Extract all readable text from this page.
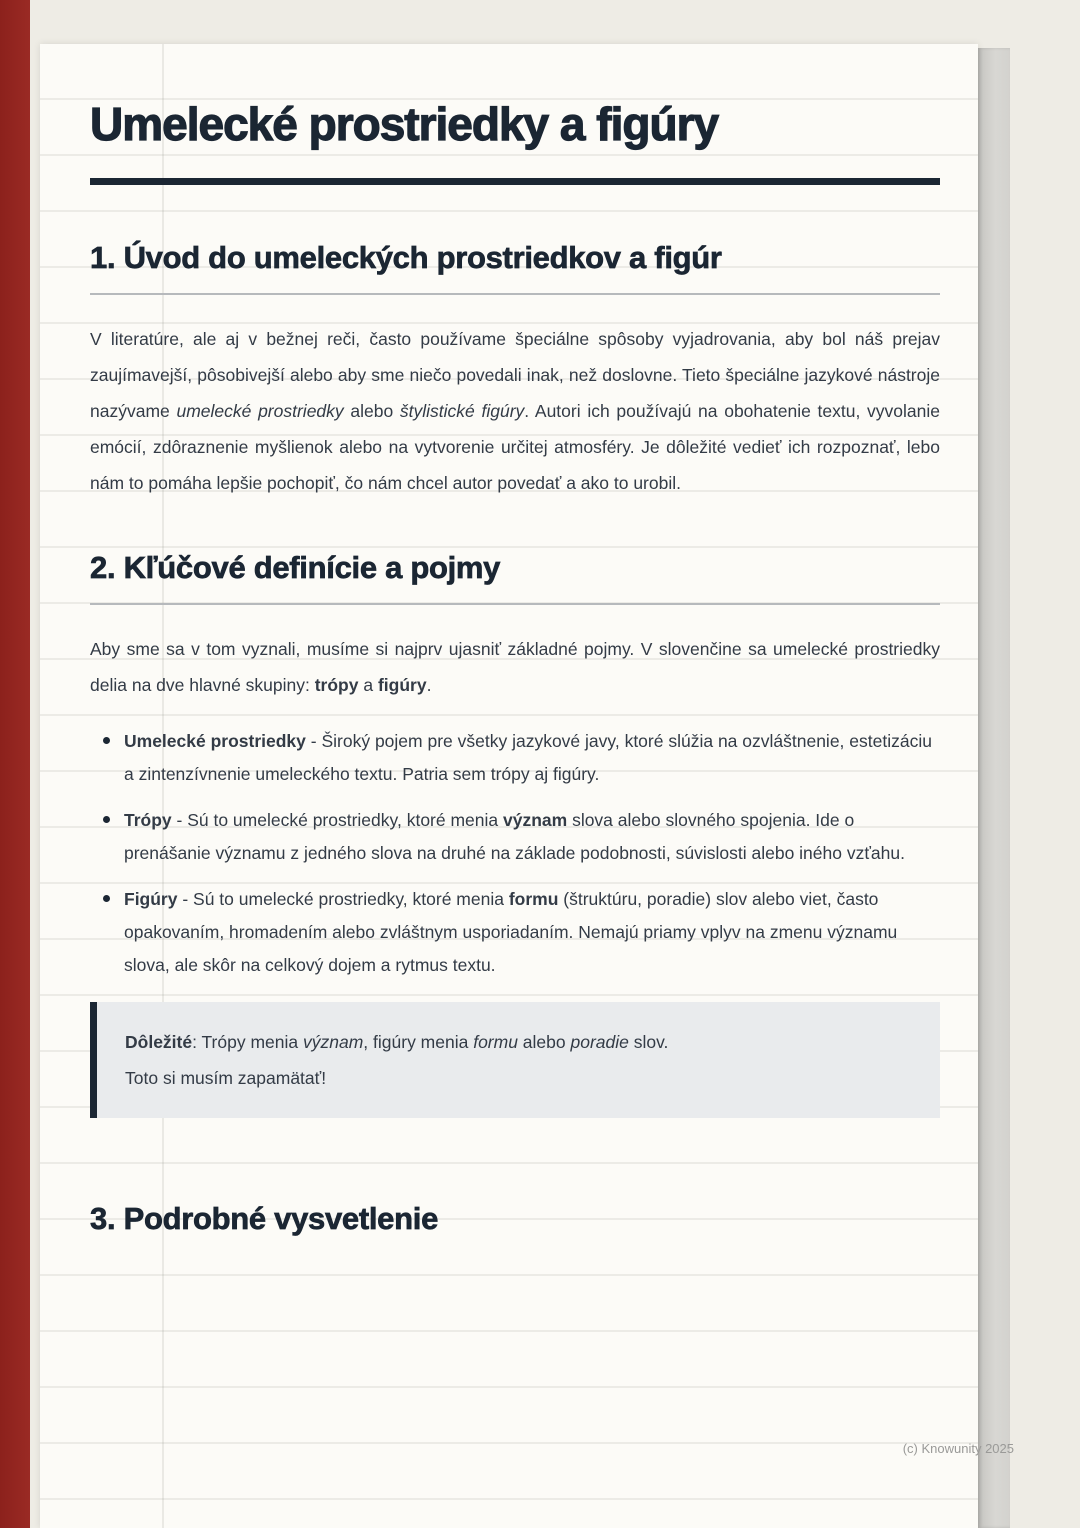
Umelecké prostriedky a figúry
1. Úvod do umeleckých prostriedkov a figúr

V literatúre, ale aj v bežnej reči, často používame špeciálne spôsoby vyjadrovania, aby bol náš prejav zaujímavejší, pôsobivejší alebo aby sme niečo povedali inak, než doslovne. Tieto špeciálne jazykové nástroje nazývame umelecké prostriedky alebo štylistické figúry. Autori ich používajú na obohatenie textu, vyvolanie emócií, zdôraznenie myšlienok alebo na vytvorenie určitej atmosféry. Je dôležité vedieť ich rozpoznať, lebo nám to pomáha lepšie pochopiť, čo nám chcel autor povedať a ako to urobil.

2. Kľúčové definície a pojmy

Aby sme sa v tom vyznali, musíme si najprv ujasniť základné pojmy. V slovenčine sa umelecké prostriedky delia na dve hlavné skupiny: trópy a figúry.

Umelecké prostriedky - Široký pojem pre všetky jazykové javy, ktoré slúžia na ozvláštnenie, estetizáciu a zintenzívnenie umeleckého textu. Patria sem trópy aj figúry.
Trópy - Sú to umelecké prostriedky, ktoré menia význam slova alebo slovného spojenia. Ide o prenášanie významu z jedného slova na druhé na základe podobnosti, súvislosti alebo iného vzťahu.
Figúry - Sú to umelecké prostriedky, ktoré menia formu (štruktúru, poradie) slov alebo viet, často opakovaním, hromadením alebo zvláštnym usporiadaním. Nemajú priamy vplyv na zmenu významu slova, ale skôr na celkový dojem a rytmus textu.

Dôležité: Trópy menia význam, figúry menia formu alebo poradie slov.
Toto si musím zapamätať!

3. Podrobné vysvetlenie
(c) Knowunity 2025
